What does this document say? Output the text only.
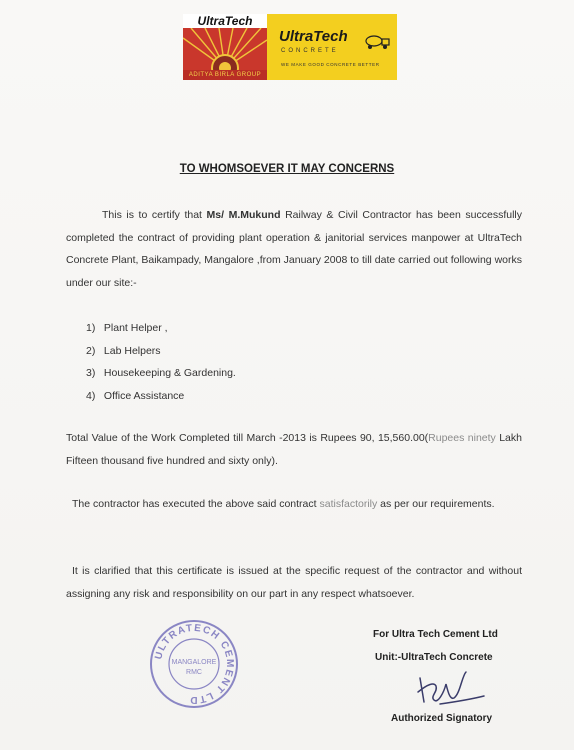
UltraTech
ADITYA BIRLA GROUP
UltraTech
CONCRETE
WE MAKE GOOD CONCRETE BETTER
TO WHOMSOEVER IT MAY CONCERNS
This is to certify that Ms/ M.Mukund Railway & Civil Contractor has been successfully completed the contract of providing plant operation & janitorial services manpower at UltraTech Concrete Plant, Baikampady, Mangalore ,from January 2008 to till date carried out following works under our site:-
1) Plant Helper ,
2) Lab Helpers
3) Housekeeping & Gardening.
4) Office Assistance
Total Value of the Work Completed till March -2013 is Rupees 90, 15,560.00(Rupees ninety Lakh Fifteen thousand five hundred and sixty only).
The contractor has executed the above said contract satisfactorily as per our requirements.
It is clarified that this certificate is issued at the specific request of the contractor and without assigning any risk and responsibility on our part in any respect whatsoever.
ULTRATECH CEMENT LTD
MANGALORE
RMC
For Ultra Tech Cement Ltd
Unit:-UltraTech Concrete
Authorized Signatory
